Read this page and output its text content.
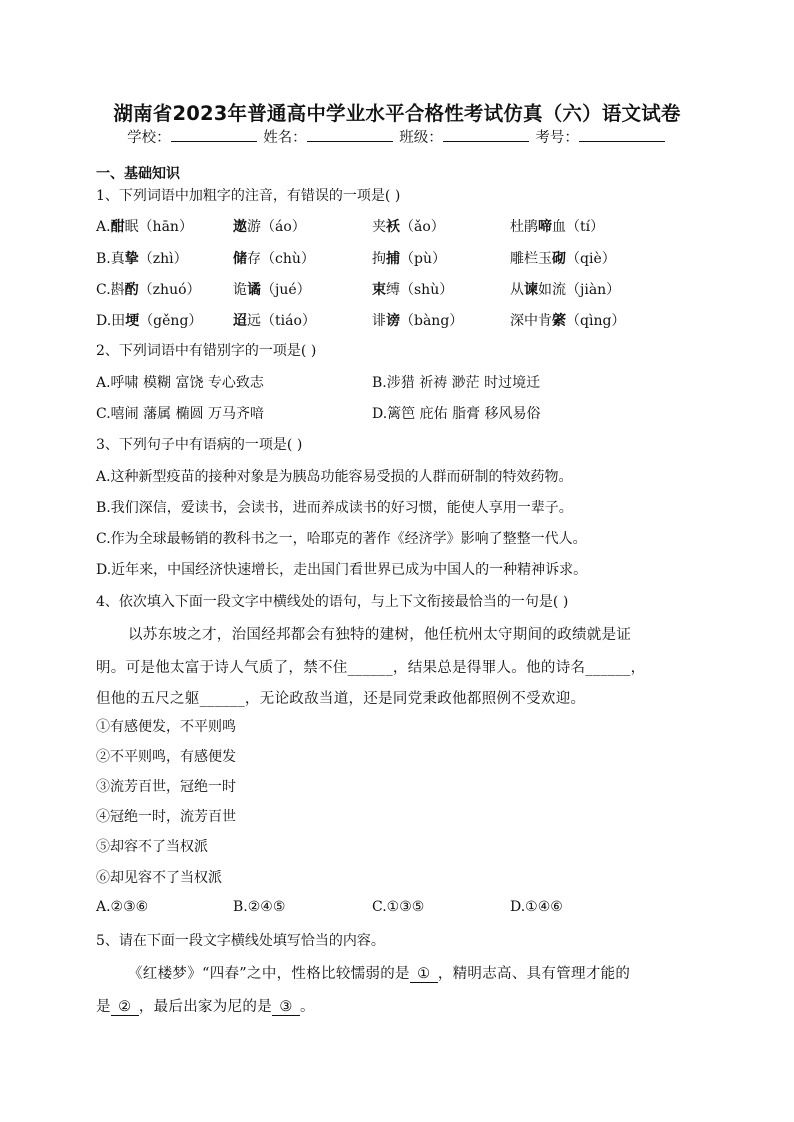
湖南省2023年普通高中学业水平合格性考试仿真（六）语文试卷
学校：	姓名：	班级：	考号：
一、基础知识
1、下列词语中加粗字的注音，有错误的一项是( )
A.酣眠（hān）	遨游（áo）	夹袄（ǎo）	杜鹃啼血（tí）
B.真挚（zhì）	储存（chù）	拘捕（pù）	雕栏玉砌（qiè）
C.斟酌（zhuó） 诡谲（jué）	束缚（shù）	从谏如流（jiàn）
D.田埂（gěng） 迢远（tiáo）	诽谤（bàng）	深中肯綮（qìng）
2、下列词语中有错别字的一项是( )
A.呼啸 模糊 富饶 专心致志	B.涉猎 祈祷 渺茫 时过境迁
C.嘻闹 藩属 椭圆 万马齐喑	D.篱笆 庇佑 脂膏 移风易俗
3、下列句子中有语病的一项是( )
A.这种新型疫苗的接种对象是为胰岛功能容易受损的人群而研制的特效药物。
B.我们深信，爱读书，会读书，进而养成读书的好习惯，能使人享用一辈子。
C.作为全球最畅销的教科书之一，哈耶克的著作《经济学》影响了整整一代人。
D.近年来，中国经济快速增长，走出国门看世界已成为中国人的一种精神诉求。
4、依次填入下面一段文字中横线处的语句，与上下文衔接最恰当的一句是( )
以苏东坡之才，治国经邦都会有独特的建树，他任杭州太守期间的政绩就是证
明。可是他太富于诗人气质了，禁不住______，结果总是得罪人。他的诗名______，
但他的五尺之躯______，无论政敌当道，还是同党秉政他都照例不受欢迎。
①有感便发，不平则鸣
②不平则鸣，有感便发
③流芳百世，冠绝一时
④冠绝一时，流芳百世
⑤却容不了当权派
⑥却见容不了当权派
A.②③⑥	B.②④⑤	C.①③⑤	D.①④⑥
5、请在下面一段文字横线处填写恰当的内容。
《红楼梦》“四春”之中，性格比较懦弱的是 ① ，精明志高、具有管理才能的
是 ② ，最后出家为尼的是 ③ 。
